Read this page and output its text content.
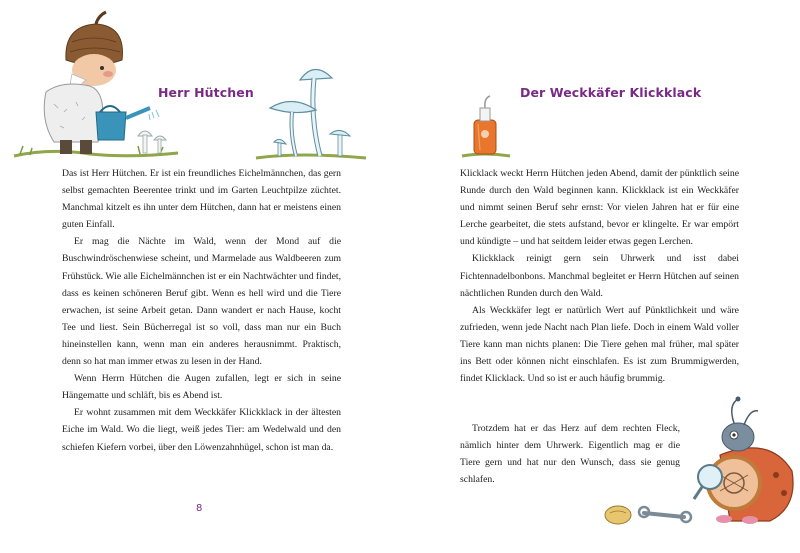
Herr Hütchen

Das ist Herr Hütchen. Er ist ein freundliches Eichelmännchen, das gern selbst gemachten Beerentee trinkt und im Garten Leuchtpilze züchtet. Manchmal kitzelt es ihn unter dem Hütchen, dann hat er meistens einen guten Einfall.

Er mag die Nächte im Wald, wenn der Mond auf die Buschwindröschenwiese scheint, und Marmelade aus Waldbeeren zum Frühstück. Wie alle Eichelmännchen ist er ein Nachtwächter und findet, dass es keinen schöneren Beruf gibt. Wenn es hell wird und die Tiere erwachen, ist seine Arbeit getan. Dann wandert er nach Hause, kocht Tee und liest. Sein Bücherregal ist so voll, dass man nur ein Buch hineinstellen kann, wenn man ein anderes herausnimmt. Praktisch, denn so hat man immer etwas zu lesen in der Hand.

Wenn Herrn Hütchen die Augen zufallen, legt er sich in seine Hängematte und schläft, bis es Abend ist.

Er wohnt zusammen mit dem Weckkäfer Klickklack in der ältesten Eiche im Wald. Wo die liegt, weiß jedes Tier: am Wedelwald und den schiefen Kiefern vorbei, über den Löwenzahnhügel, schon ist man da.

8
Der Weckkäfer Klickklack

Klicklack weckt Herrn Hütchen jeden Abend, damit der pünktlich seine Runde durch den Wald beginnen kann. Klickklack ist ein Weckkäfer und nimmt seinen Beruf sehr ernst: Vor vielen Jahren hat er für eine Lerche gearbeitet, die stets aufstand, bevor er klingelte. Er war empört und kündigte – und hat seitdem leider etwas gegen Lerchen.

Klickklack reinigt gern sein Uhrwerk und isst dabei Fichtennadelbonbons. Manchmal begleitet er Herrn Hütchen auf seinen nächtlichen Runden durch den Wald.

Als Weckkäfer legt er natürlich Wert auf Pünktlichkeit und wäre zufrieden, wenn jede Nacht nach Plan liefe. Doch in einem Wald voller Tiere kann man nichts planen: Die Tiere gehen mal früher, mal später ins Bett oder können nicht einschlafen. Es ist zum Brummigwerden, findet Klicklack. Und so ist er auch häufig brummig.

Trotzdem hat er das Herz auf dem rechten Fleck, nämlich hinter dem Uhrwerk. Eigentlich mag er die Tiere gern und hat nur den Wunsch, dass sie genug schlafen.
